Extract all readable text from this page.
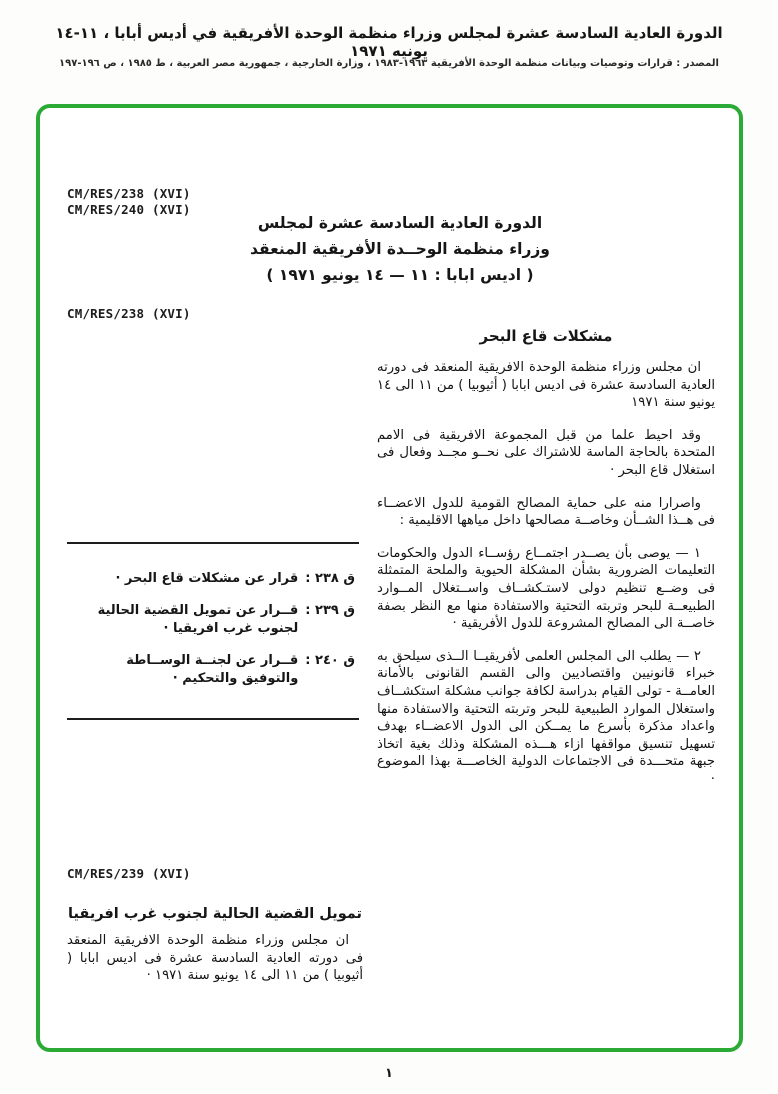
الدورة العادية السادسة عشرة لمجلس وزراء منظمة الوحدة الأفريقية في أديس أبابا ، ١١-١٤ يونيه ١٩٧١
المصدر : قرارات وتوصيات وبيانات منظمة الوحدة الأفريقية ١٩٦٣-١٩٨٣ ، وزارة الخارجية ، جمهورية مصر العربية ، ط ١٩٨٥ ، ص ١٩٦-١٩٧
CM/RES/238 (XVI)
CM/RES/240 (XVI)
الدورة العادية السادسة عشرة لمجلس
وزراء منظمة الوحــدة الأفريقية المنعقد
( اديس ابابا : ١١ — ١٤ يونيو ١٩٧١ )
CM/RES/238 (XVI)
مشكلات قاع البحر

ان مجلس وزراء منظمة الوحدة الافريقية المنعقد فى دورته العادية السادسة عشرة فى اديس ابابا ( أثيوبيا ) من ١١ الى ١٤ يونيو سنة ١٩٧١

وقد احيط علما من قبل المجموعة الافريقية فى الامم المتحدة بالحاجة الماسة للاشتراك على نحــو مجــد وفعال فى استغلال قاع البحر ·

واصرارا منه على حماية المصالح القومية للدول الاعضــاء فى هــذا الشــأن وخاصــة مصالحها داخل مياهها الاقليمية :

١ — يوصى بأن يصــدر اجتمــاع رؤســاء الدول والحكومات التعليمات الضرورية بشأن المشكلة الحيوية والملحة المتمثلة فى وضــع تنظيم دولى لاستـكشــاف واســتغلال المــوارد الطبيعــة للبحر وتربته التحتية والاستفادة منها مع النظر بصفة خاصــة الى المصالح المشروعة للدول الأفريقية ·

٢ — يطلب الى المجلس العلمى لأفريقيــا الــذى سيلحق به خبراء قانونيين واقتصاديين والى القسم القانونى بالأمانة العامــة - تولى القيام بدراسة لكافة جوانب مشكلة استكشــاف واستغلال الموارد الطبيعية للبحر وتربته التحتية والاستفادة منها واعداد مذكرة بأسرع ما يمــكن الى الدول الاعضــاء بهدف تسهيل تنسيق مواقفها ازاء هـــذه المشكلة وذلك بغية اتخاذ جبهة متحـــدة فى الاجتماعات الدولية الخاصـــة بهذا الموضوع ·

ق ٢٣٨ :
قرار عن مشكلات قاع البحر ·
ق ٢٣٩ :
قــرار عن تمويل القضية الحالية لجنوب غرب افريقيا ·
ق ٢٤٠ :
قــرار عن لجنــة الوســاطة والتوفيق والتحكيم ·
CM/RES/239 (XVI)
تمويل القضية الحالية لجنوب غرب افريقيا

ان مجلس وزراء منظمة الوحدة الافريقية المنعقد فى دورته العادية السادسة عشرة فى اديس ابابا ( أثيوبيا ) من ١١ الى ١٤ يونيو سنة ١٩٧١ ·

١
